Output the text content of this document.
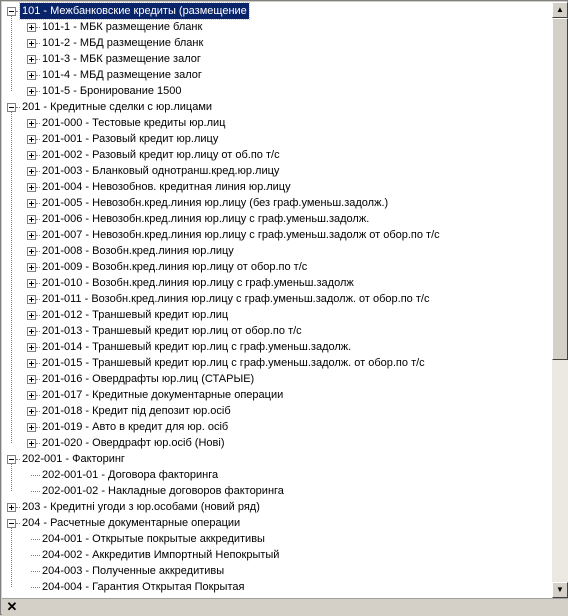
101 - Межбанковские кредиты (размещение
101-1 - МБК размещение бланк
101-2 - МБД размещение бланк
101-3 - МБК размещение залог
101-4 - МБД размещение залог
101-5 - Бронирование 1500
201 - Кредитные сделки с юр.лицами
201-000 - Тестовые кредиты юр.лиц
201-001 - Разовый кредит юр.лицу
201-002 - Разовый кредит юр.лицу от об.по т/с
201-003 - Бланковый однотранш.кред.юр.лицу
201-004 - Невозобнов. кредитная линия юр.лицу
201-005 - Невозобн.кред.линия юр.лицу (без граф.уменьш.задолж.)
201-006 - Невозобн.кред.линия юр.лицу с граф.уменьш.задолж.
201-007 - Невозобн.кред.линия юр.лицу с граф.уменьш.задолж от обор.по т/с
201-008 - Возобн.кред.линия юр.лицу
201-009 - Возобн.кред.линия юр.лицу от обор.по т/с
201-010 - Возобн.кред.линия юр.лицу с граф.уменьш.задолж
201-011 - Возобн.кред.линия юр.лицу с граф.уменьш.задолж. от обор.по т/с
201-012 - Траншевый кредит юр.лиц
201-013 - Траншевый кредит юр.лиц от обор.по т/с
201-014 - Траншевый кредит юр.лиц с граф.уменьш.задолж.
201-015 - Траншевый кредит юр.лиц с граф.уменьш.задолж. от обор.по т/с
201-016 - Овердрафты юр.лиц (СТАРЫЕ)
201-017 - Кредитные документарные операции
201-018 - Кредит пiд депозит юр.осiб
201-019 - Авто в кредит для юр. осiб
201-020 - Овердрафт юр.осiб (Новi)
202-001 - Факторинг
202-001-01 - Договора факторинга
202-001-02 - Накладные договоров факторинга
203 - Кредитнi угоди з юр.особами (новий ряд)
204 - Расчетные документарные операции
204-001 - Открытые покрытые аккредитивы
204-002 - Аккредитив Импортный Непокрытый
204-003 - Полученные аккредитивы
204-004 - Гарантия Открытая Покрытая
▲
▼
✕
